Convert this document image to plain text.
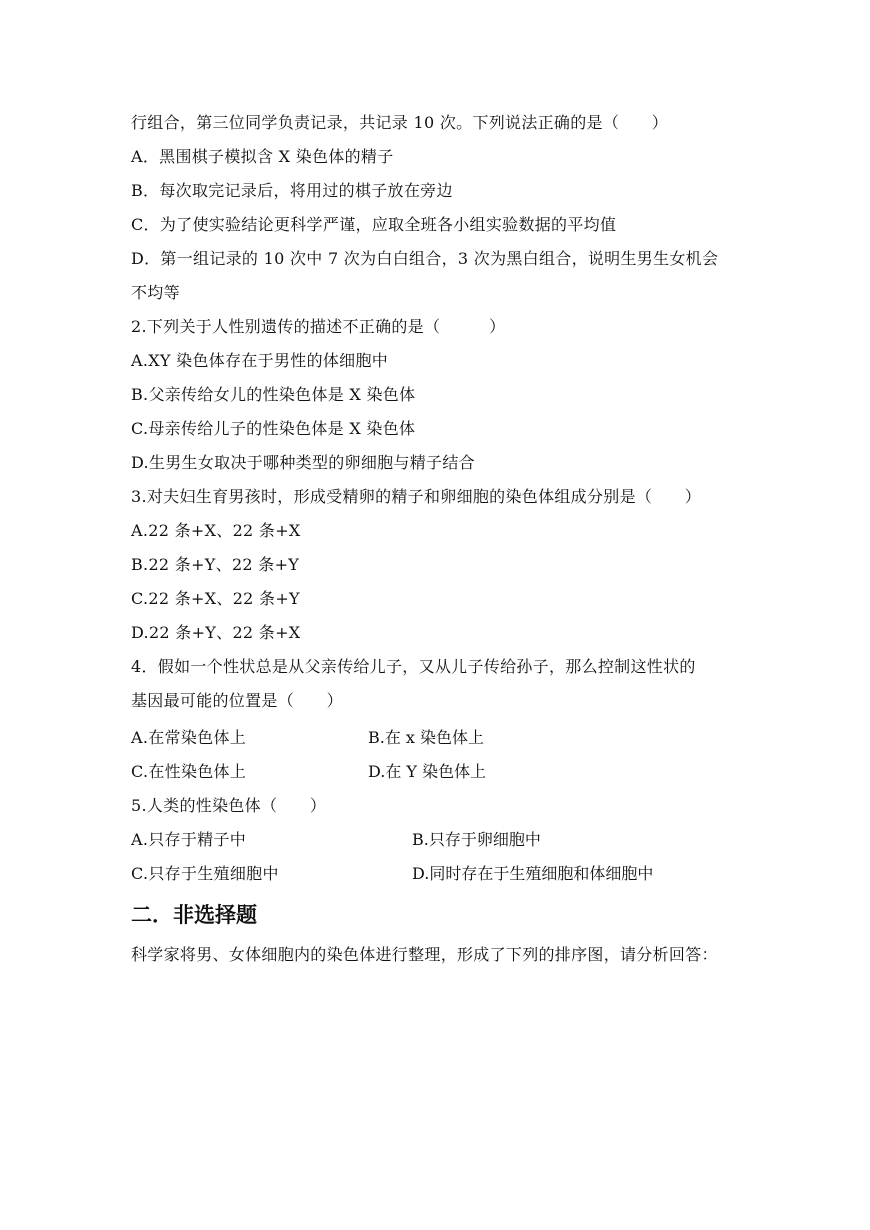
行组合，第三位同学负责记录，共记录 10 次。下列说法正确的是（　　）
A．黑围棋子模拟含 X 染色体的精子
B．每次取完记录后，将用过的棋子放在旁边
C．为了使实验结论更科学严谨，应取全班各小组实验数据的平均值
D．第一组记录的 10 次中 7 次为白白组合，3 次为黑白组合，说明生男生女机会
不均等
2.下列关于人性别遗传的描述不正确的是（　　　）
A.XY 染色体存在于男性的体细胞中
B.父亲传给女儿的性染色体是 X 染色体
C.母亲传给儿子的性染色体是 X 染色体
D.生男生女取决于哪种类型的卵细胞与精子结合
3.对夫妇生育男孩时，形成受精卵的精子和卵细胞的染色体组成分别是（　　）
A.22 条+X、22 条+X
B.22 条+Y、22 条+Y
C.22 条+X、22 条+Y
D.22 条+Y、22 条+X
4．假如一个性状总是从父亲传给儿子，又从儿子传给孙子，那么控制这性状的
基因最可能的位置是（　　）
A.在常染色体上	B.在 x 染色体上
C.在性染色体上	D.在 Y 染色体上
5.人类的性染色体（　　）
A.只存于精子中	B.只存于卵细胞中
C.只存于生殖细胞中	D.同时存在于生殖细胞和体细胞中
二．非选择题
科学家将男、女体细胞内的染色体进行整理，形成了下列的排序图，请分析回答：
